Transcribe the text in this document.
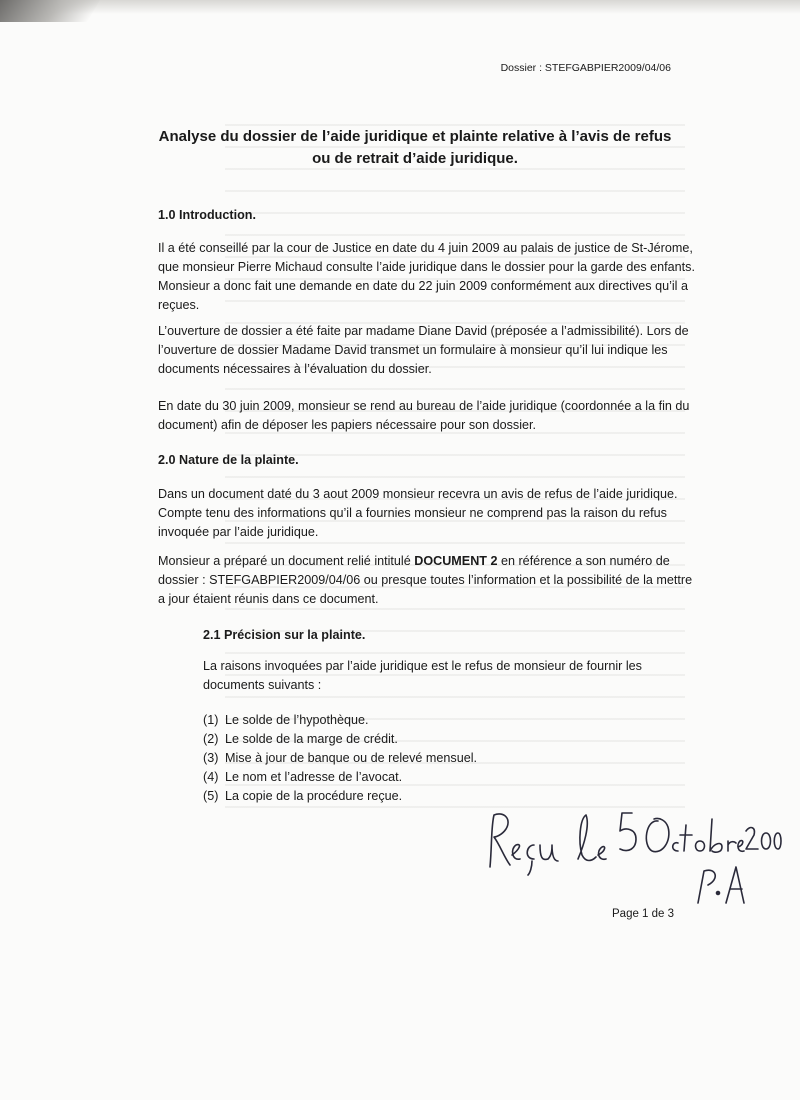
Dossier : STEFGABPIER2009/04/06
Analyse du dossier de l’aide juridique et plainte relative à l’avis de refus
ou de retrait d’aide juridique.

1.0 Introduction.

Il a été conseillé par la cour de Justice en date du 4 juin 2009 au palais de justice de St-Jérome, que monsieur Pierre Michaud consulte l’aide juridique dans le dossier pour la garde des enfants. Monsieur a donc fait une demande en date du 22 juin 2009 conformément aux directives qu’il a reçues.

L’ouverture de dossier a été faite par madame Diane David (préposée a l’admissibilité). Lors de l’ouverture de dossier Madame David transmet un formulaire à monsieur qu’il lui indique les documents nécessaires à l’évaluation du dossier.

En date du 30 juin 2009, monsieur se rend au bureau de l’aide juridique (coordonnée a la fin du document) afin de déposer les papiers nécessaire pour son dossier.

2.0 Nature de la plainte.

Dans un document daté du 3 aout 2009 monsieur recevra un avis de refus de l’aide juridique. Compte tenu des informations qu’il a fournies monsieur ne comprend pas la raison du refus invoquée par l’aide juridique.

Monsieur a préparé un document relié intitulé DOCUMENT 2 en référence a son numéro de dossier : STEFGABPIER2009/04/06 ou presque toutes l’information et la possibilité de la mettre a jour étaient réunis dans ce document.

2.1 Précision sur la plainte.

La raisons invoquées par l’aide juridique est le refus de monsieur de fournir les documents suivants :

(1) Le solde de l’hypothèque.
(2) Le solde de la marge de crédit.
(3) Mise à jour de banque ou de relevé mensuel.
(4) Le nom et l’adresse de l’avocat.
(5) La copie de la procédure reçue.
Page 1 de 3
